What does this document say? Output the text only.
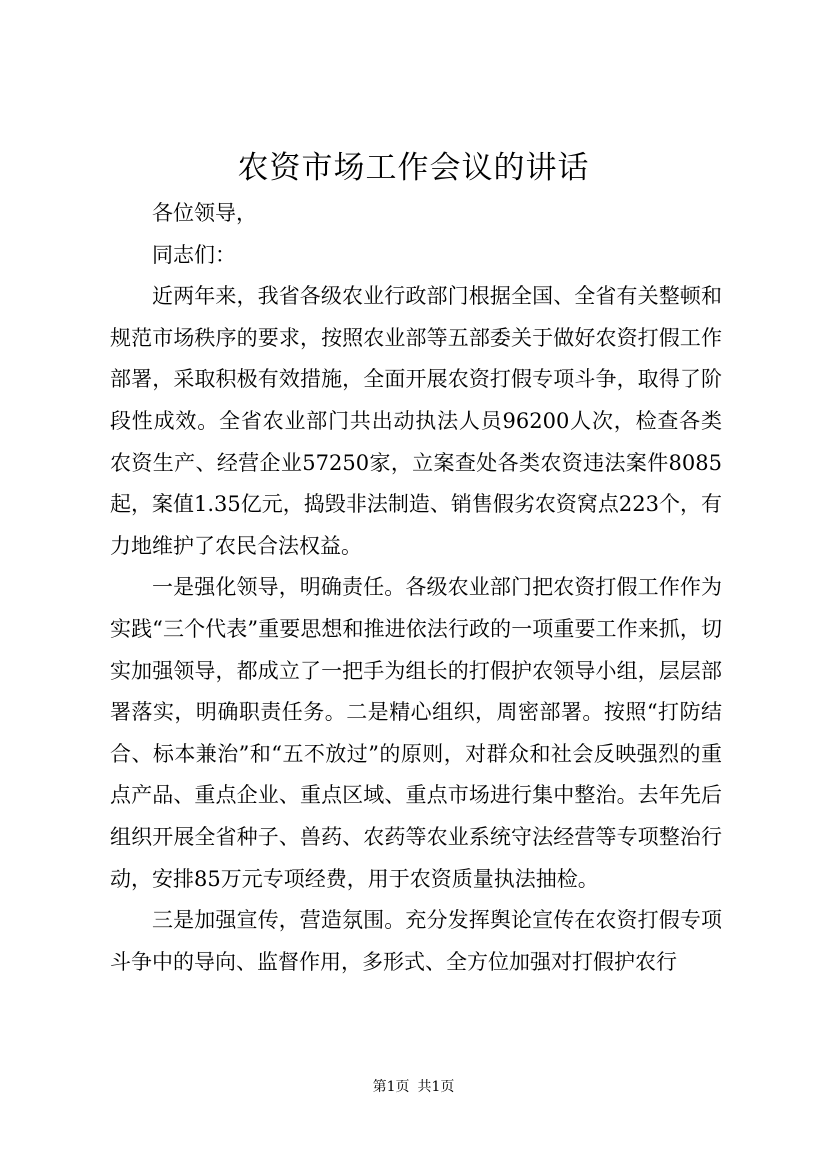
农资市场工作会议的讲话

各位领导，

同志们：

近两年来，我省各级农业行政部门根据全国、全省有关整顿和规范市场秩序的要求，按照农业部等五部委关于做好农资打假工作部署，采取积极有效措施，全面开展农资打假专项斗争，取得了阶段性成效。全省农业部门共出动执法人员96200人次，检查各类农资生产、经营企业57250家，立案查处各类农资违法案件8085起，案值1.35亿元，捣毁非法制造、销售假劣农资窝点223个，有力地维护了农民合法权益。

一是强化领导，明确责任。各级农业部门把农资打假工作作为实践“三个代表”重要思想和推进依法行政的一项重要工作来抓，切实加强领导，都成立了一把手为组长的打假护农领导小组，层层部署落实，明确职责任务。二是精心组织，周密部署。按照“打防结合、标本兼治”和“五不放过”的原则，对群众和社会反映强烈的重点产品、重点企业、重点区域、重点市场进行集中整治。去年先后组织开展全省种子、兽药、农药等农业系统守法经营等专项整治行动，安排85万元专项经费，用于农资质量执法抽检。

三是加强宣传，营造氛围。充分发挥舆论宣传在农资打假专项斗争中的导向、监督作用，多形式、全方位加强对打假护农行

第1页 共1页
